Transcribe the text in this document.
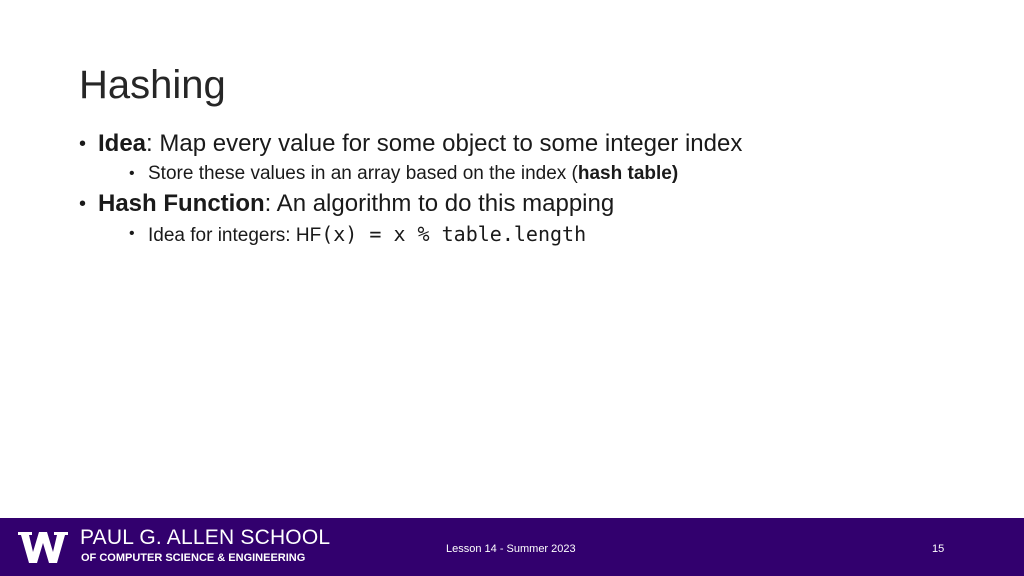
Hashing
• Idea: Map every value for some object to some integer index
• Store these values in an array based on the index (hash table)
• Hash Function: An algorithm to do this mapping
• Idea for integers: HF(x) = x % table.length
PAUL G. ALLEN SCHOOL
OF COMPUTER SCIENCE & ENGINEERING
Lesson 14 - Summer 2023	15
